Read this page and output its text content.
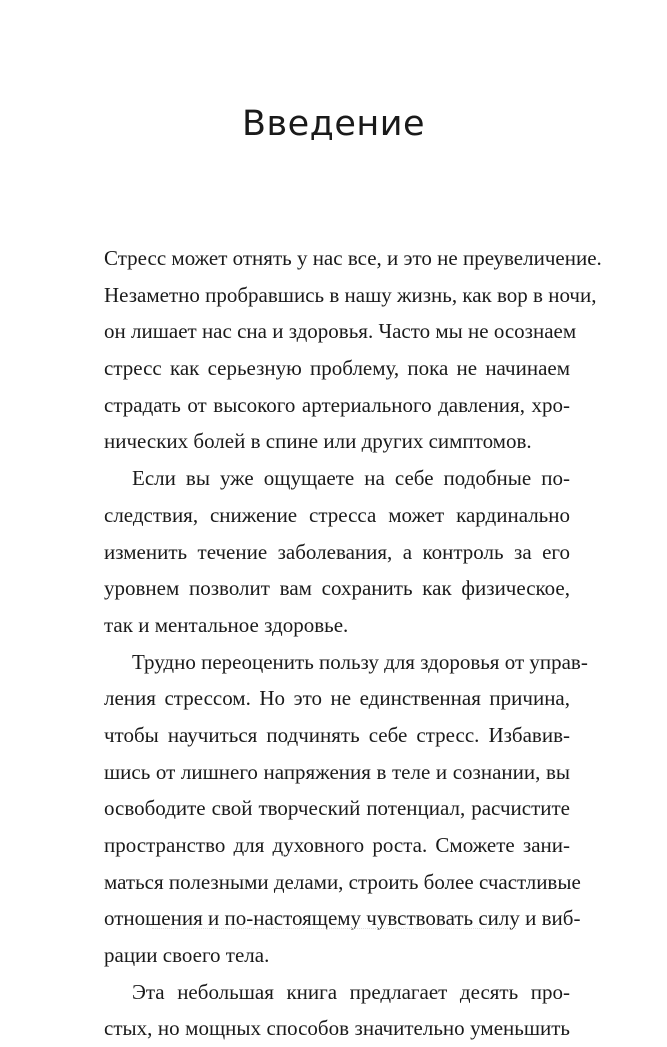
Введение
Стресс может отнять у нас все, и это не преувеличение.
Незаметно пробравшись в нашу жизнь, как вор в ночи,
он лишает нас сна и здоровья. Часто мы не осознаем
стресс как серьезную проблему, пока не начинаем
страдать от высокого артериального давления, хро-
нических болей в спине или других симптомов.
Если вы уже ощущаете на себе подобные по-
следствия, снижение стресса может кардинально
изменить течение заболевания, а контроль за его
уровнем позволит вам сохранить как физическое,
так и ментальное здоровье.
Трудно переоценить пользу для здоровья от управ-
ления стрессом. Но это не единственная причина,
чтобы научиться подчинять себе стресс. Избавив-
шись от лишнего напряжения в теле и сознании, вы
освободите свой творческий потенциал, расчистите
пространство для духовного роста. Сможете зани-
маться полезными делами, строить более счастливые
отношения и по-настоящему чувствовать силу и виб-
рации своего тела.
Эта небольшая книга предлагает десять про-
стых, но мощных способов значительно уменьшить
